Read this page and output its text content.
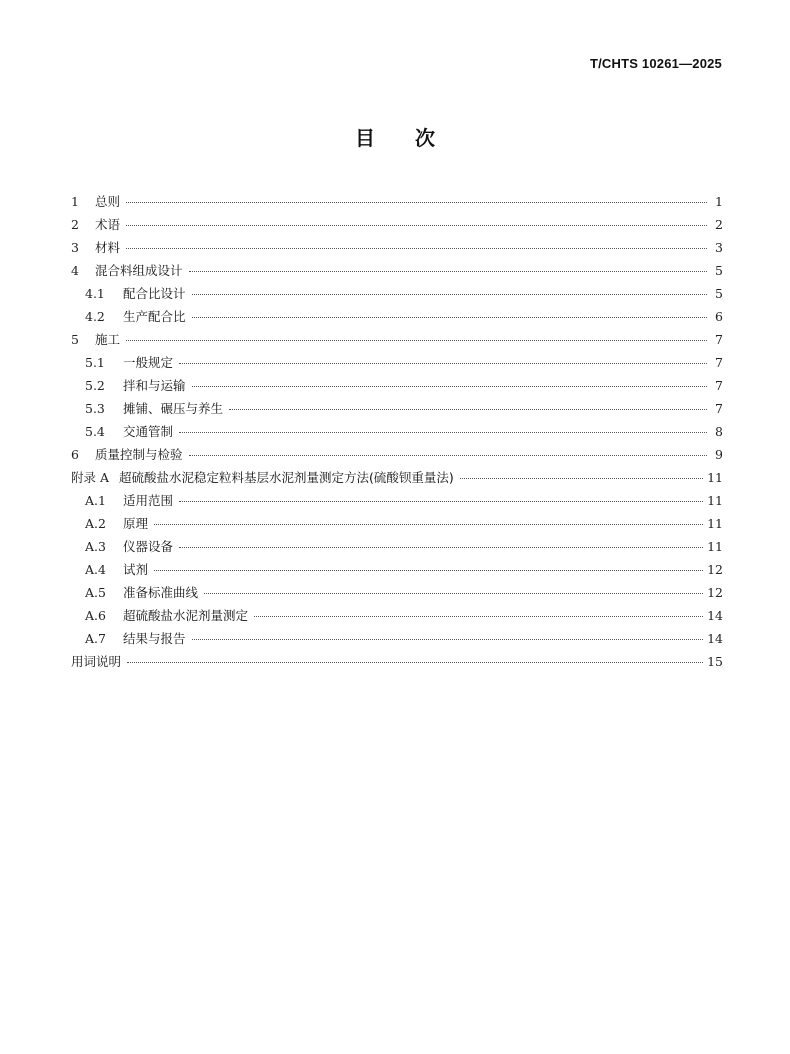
T/CHTS 10261—2025
目次
1	总则	1
2	术语	2
3	材料	3
4	混合料组成设计	5
4.1	配合比设计	5
4.2	生产配合比	6
5	施工	7
5.1	一般规定	7
5.2	拌和与运输	7
5.3	摊铺、碾压与养生	7
5.4	交通管制	8
6	质量控制与检验	9
附录 A 超硫酸盐水泥稳定粒料基层水泥剂量测定方法(硫酸钡重量法)	11
A.1	适用范围	11
A.2	原理	11
A.3	仪器设备	11
A.4	试剂	12
A.5	准备标准曲线	12
A.6	超硫酸盐水泥剂量测定	14
A.7	结果与报告	14
用词说明	15
